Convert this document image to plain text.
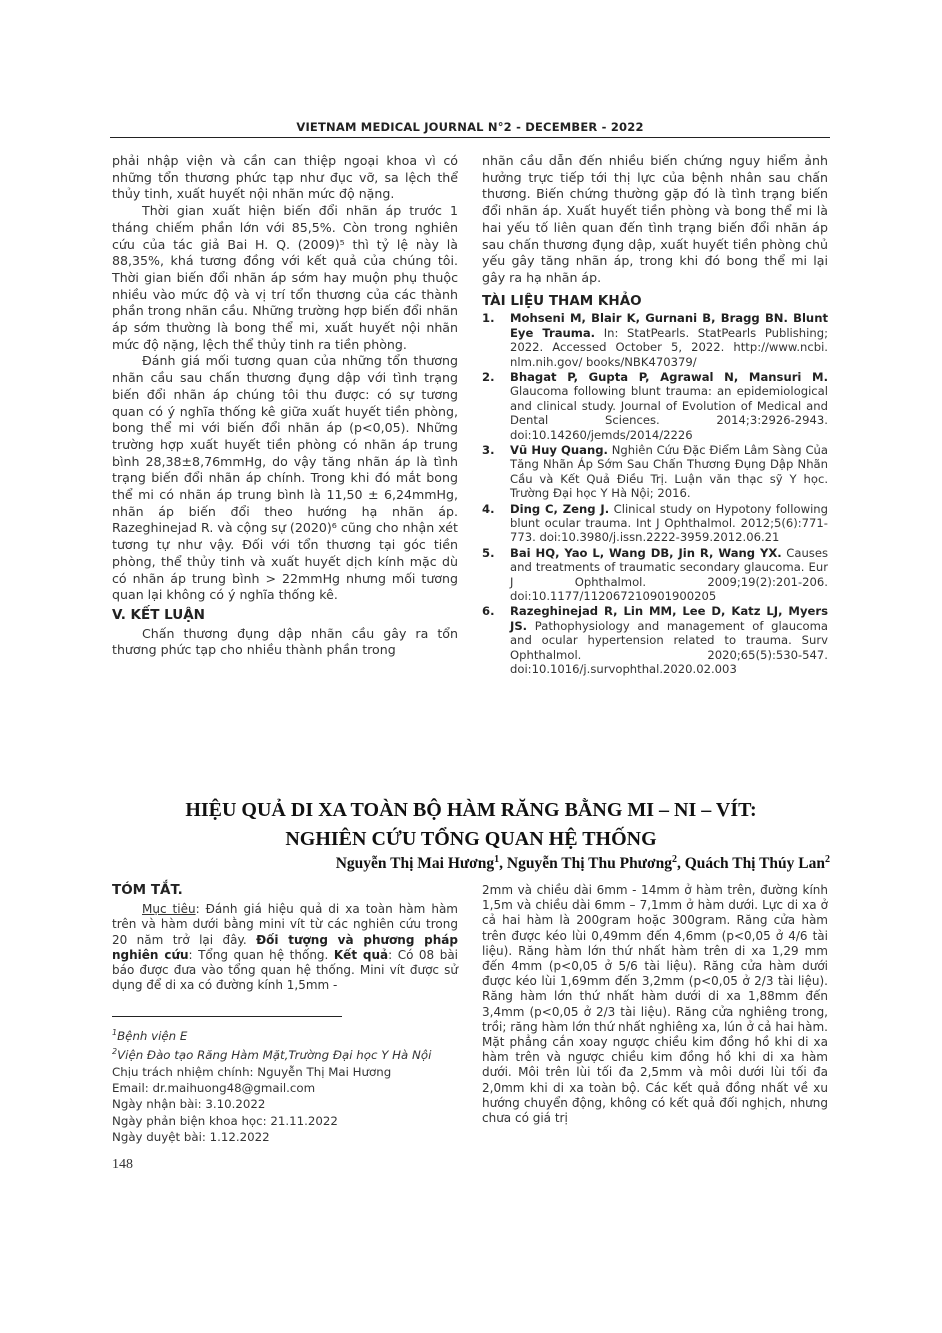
VIETNAM MEDICAL JOURNAL N°2 - DECEMBER - 2022

phải nhập viện và cần can thiệp ngoại khoa vì có những tổn thương phức tạp như đục vỡ, sa lệch thể thủy tinh, xuất huyết nội nhãn mức độ nặng.

Thời gian xuất hiện biến đổi nhãn áp trước 1 tháng chiếm phần lớn với 85,5%. Còn trong nghiên cứu của tác giả Bai H. Q. (2009)⁵ thì tỷ lệ này là 88,35%, khá tương đồng với kết quả của chúng tôi. Thời gian biến đổi nhãn áp sớm hay muộn phụ thuộc nhiều vào mức độ và vị trí tổn thương của các thành phần trong nhãn cầu. Những trường hợp biến đổi nhãn áp sớm thường là bong thể mi, xuất huyết nội nhãn mức độ nặng, lệch thể thủy tinh ra tiền phòng.

Đánh giá mối tương quan của những tổn thương nhãn cầu sau chấn thương đụng dập với tình trạng biến đổi nhãn áp chúng tôi thu được: có sự tương quan có ý nghĩa thống kê giữa xuất huyết tiền phòng, bong thể mi với biến đổi nhãn áp (p<0,05). Những trường hợp xuất huyết tiền phòng có nhãn áp trung bình 28,38±8,76mmHg, do vậy tăng nhãn áp là tình trạng biến đổi nhãn áp chính. Trong khi đó mắt bong thể mi có nhãn áp trung bình là 11,50 ± 6,24mmHg, nhãn áp biến đổi theo hướng hạ nhãn áp. Razeghinejad R. và cộng sự (2020)⁶ cũng cho nhận xét tương tự như vậy. Đối với tổn thương tại góc tiền phòng, thể thủy tinh và xuất huyết dịch kính mặc dù có nhãn áp trung bình > 22mmHg nhưng mối tương quan lại không có ý nghĩa thống kê.

V. KẾT LUẬN

Chấn thương đụng dập nhãn cầu gây ra tổn thương phức tạp cho nhiều thành phần trong

nhãn cầu dẫn đến nhiều biến chứng nguy hiểm ảnh hưởng trực tiếp tới thị lực của bệnh nhân sau chấn thương. Biến chứng thường gặp đó là tình trạng biến đổi nhãn áp. Xuất huyết tiền phòng và bong thể mi là hai yếu tố liên quan đến tình trạng biến đổi nhãn áp sau chấn thương đụng dập, xuất huyết tiền phòng chủ yếu gây tăng nhãn áp, trong khi đó bong thể mi lại gây ra hạ nhãn áp.

TÀI LIỆU THAM KHẢO

1. Mohseni M, Blair K, Gurnani B, Bragg BN. Blunt Eye Trauma. In: StatPearls. StatPearls Publishing; 2022. Accessed October 5, 2022. http://www.ncbi. nlm.nih.gov/ books/NBK470379/
2. Bhagat P, Gupta P, Agrawal N, Mansuri M. Glaucoma following blunt trauma: an epidemiological and clinical study. Journal of Evolution of Medical and Dental Sciences. 2014;3:2926-2943. doi:10.14260/jemds/2014/2226
3. Vũ Huy Quang. Nghiên Cứu Đặc Điểm Lâm Sàng Của Tăng Nhãn Áp Sớm Sau Chấn Thương Đụng Dập Nhãn Cầu và Kết Quả Điều Trị. Luận văn thạc sỹ Y học. Trường Đại học Y Hà Nội; 2016.
4. Ding C, Zeng J. Clinical study on Hypotony following blunt ocular trauma. Int J Ophthalmol. 2012;5(6):771-773. doi:10.3980/j.issn.2222-3959.2012.06.21
5. Bai HQ, Yao L, Wang DB, Jin R, Wang YX. Causes and treatments of traumatic secondary glaucoma. Eur J Ophthalmol. 2009;19(2):201-206. doi:10.1177/112067210901900205
6. Razeghinejad R, Lin MM, Lee D, Katz LJ, Myers JS. Pathophysiology and management of glaucoma and ocular hypertension related to trauma. Surv Ophthalmol. 2020;65(5):530-547. doi:10.1016/j.survophthal.2020.02.003
HIỆU QUẢ DI XA TOÀN BỘ HÀM RĂNG BẰNG MI – NI – VÍT:
NGHIÊN CỨU TỔNG QUAN HỆ THỐNG
Nguyễn Thị Mai Hương$^1$, Nguyễn Thị Thu Phương$^2$, Quách Thị Thúy Lan$^2$

TÓM TẮT.

Mục tiêu: Đánh giá hiệu quả di xa toàn hàm hàm trên và hàm dưới bằng mini vít từ các nghiên cứu trong 20 năm trở lại đây. Đối tượng và phương pháp nghiên cứu: Tổng quan hệ thống. Kết quả: Có 08 bài báo được đưa vào tổng quan hệ thống. Mini vít được sử dụng để di xa có đường kính 1,5mm -

2mm và chiều dài 6mm - 14mm ở hàm trên, đường kính 1,5m và chiều dài 6mm – 7,1mm ở hàm dưới. Lực di xa ở cả hai hàm là 200gram hoặc 300gram. Răng cửa hàm trên được kéo lùi 0,49mm đến 4,6mm (p<0,05 ở 4/6 tài liệu). Răng hàm lớn thứ nhất hàm trên di xa 1,29 mm đến 4mm (p<0,05 ở 5/6 tài liệu). Răng cửa hàm dưới được kéo lùi 1,69mm đến 3,2mm (p<0,05 ở 2/3 tài liệu). Răng hàm lớn thứ nhất hàm dưới di xa 1,88mm đến 3,4mm (p<0,05 ở 2/3 tài liệu). Răng cửa nghiêng trong, trồi; răng hàm lớn thứ nhất nghiêng xa, lún ở cả hai hàm. Mặt phẳng cắn xoay ngược chiều kim đồng hồ khi di xa hàm trên và ngược chiều kim đồng hồ khi di xa hàm dưới. Môi trên lùi tối đa 2,5mm và môi dưới lùi tối đa 2,0mm khi di xa toàn bộ. Các kết quả đồng nhất về xu hướng chuyển động, không có kết quả đối nghịch, nhưng chưa có giá trị

$^1$Bệnh viện E

$^2$Viện Đào tạo Răng Hàm Mặt,Trường Đại học Y Hà Nội

Chịu trách nhiệm chính: Nguyễn Thị Mai Hương

Email: dr.maihuong48@gmail.com

Ngày nhận bài: 3.10.2022

Ngày phản biện khoa học: 21.11.2022

Ngày duyệt bài: 1.12.2022

148
